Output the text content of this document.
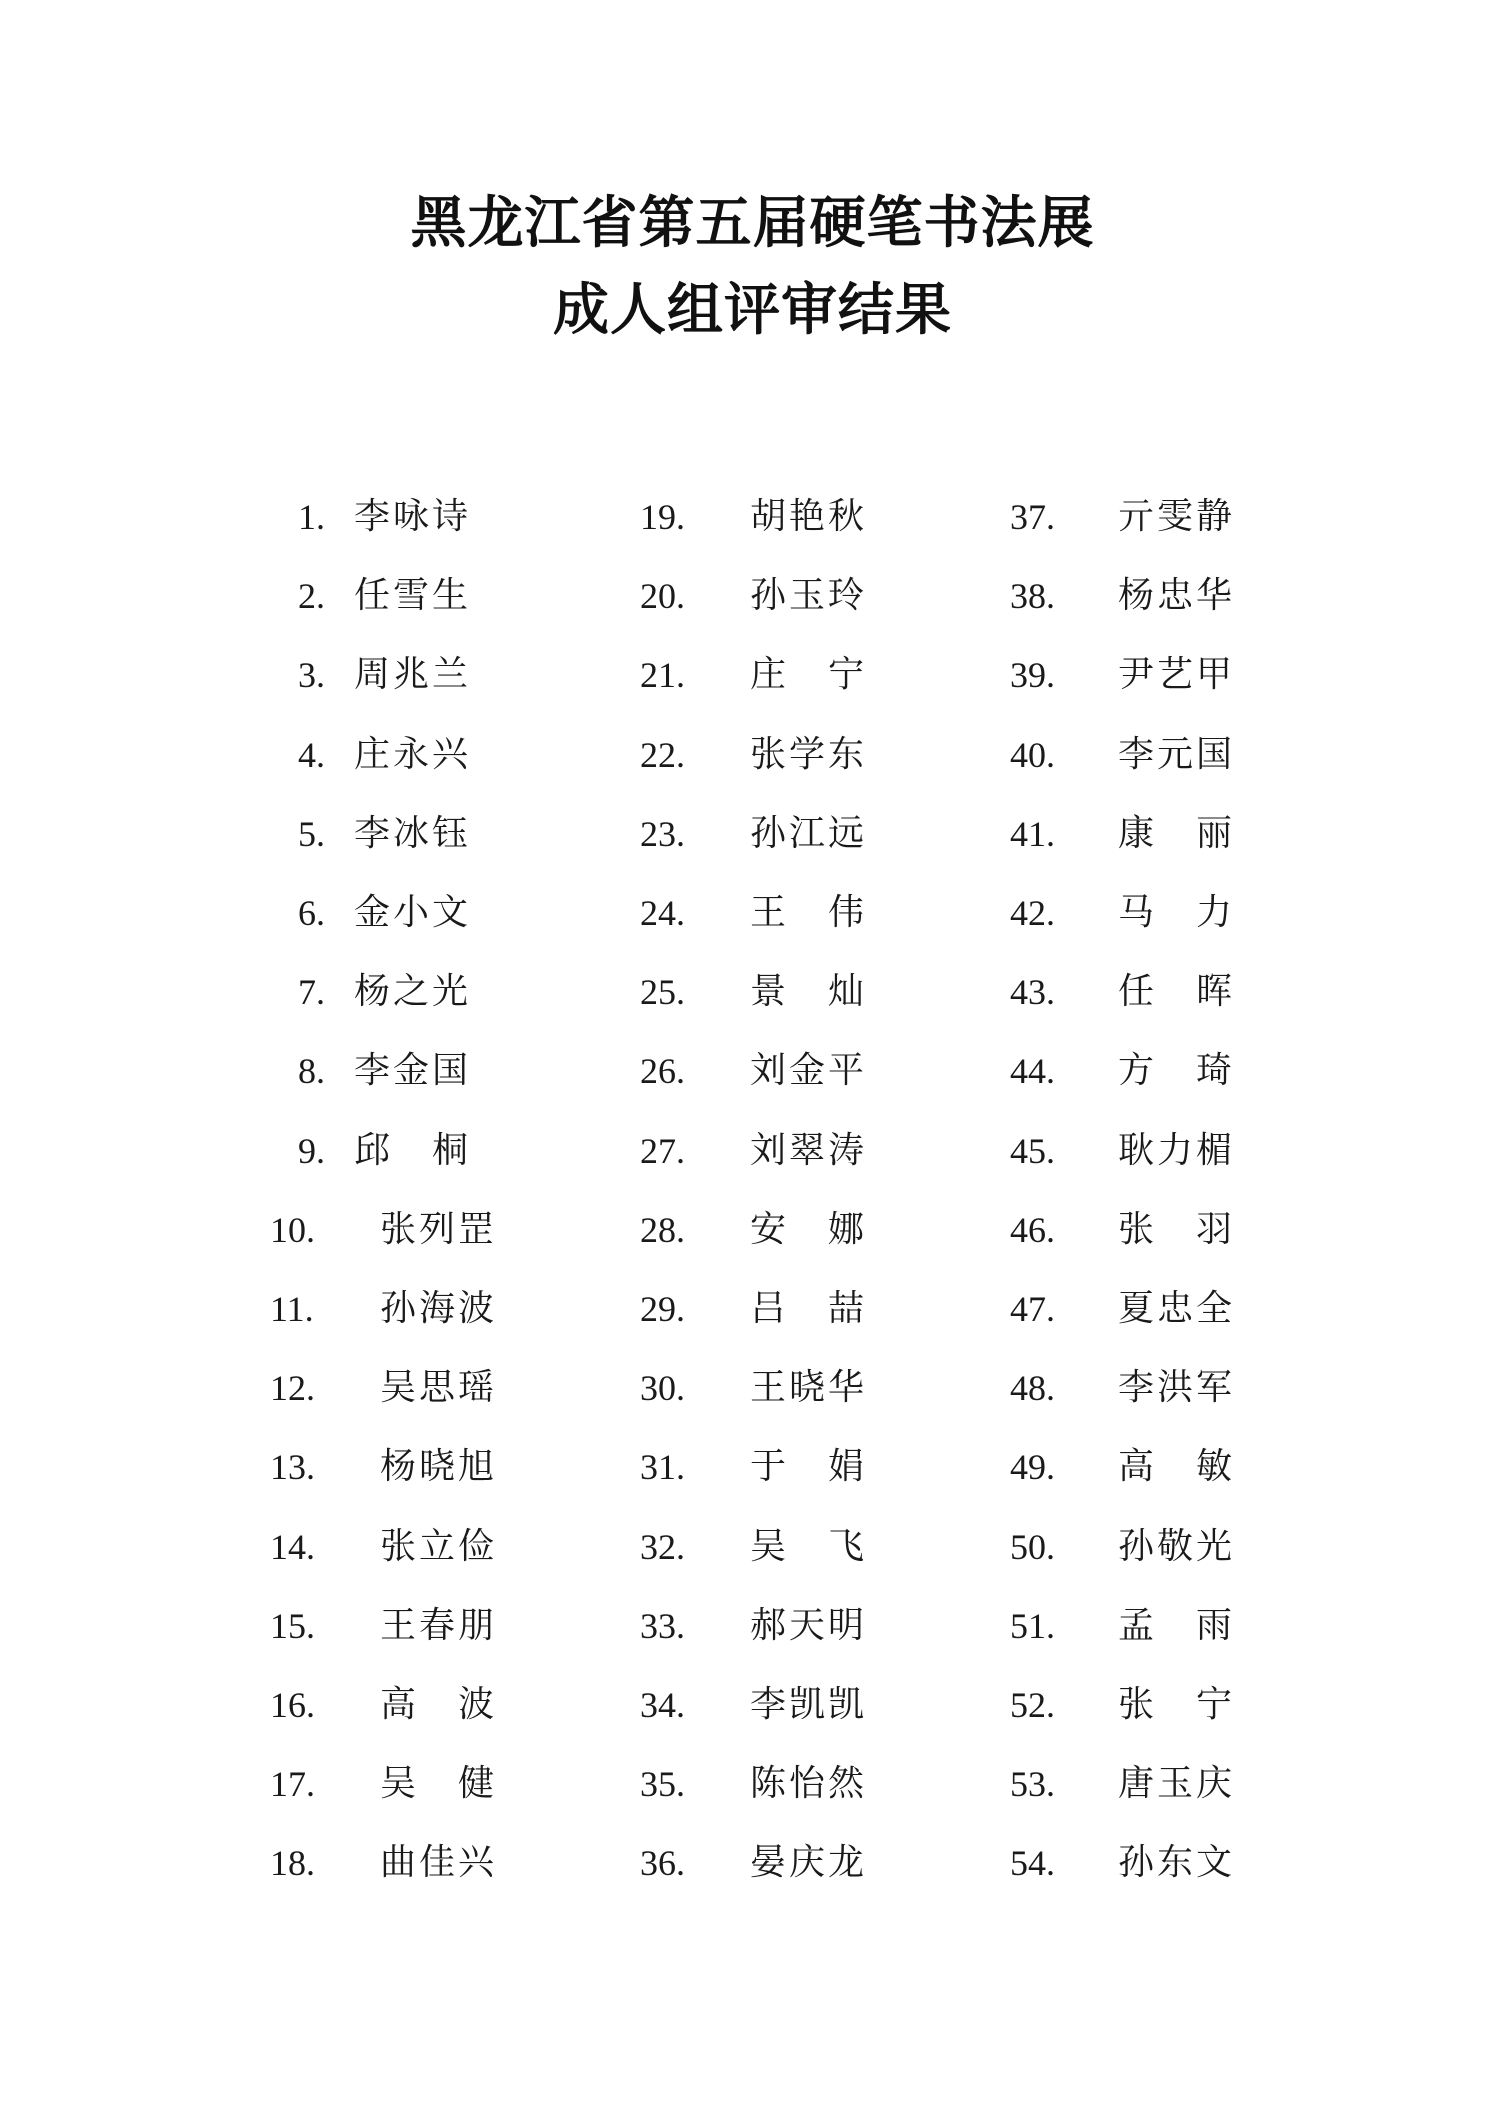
黑龙江省第五届硬笔书法展
成人组评审结果
1. 李咏诗
2. 任雪生
3. 周兆兰
4. 庄永兴
5. 李冰钰
6. 金小文
7. 杨之光
8. 李金国
9. 邱 桐
10. 张列罡
11. 孙海波
12. 吴思瑶
13. 杨晓旭
14. 张立俭
15. 王春朋
16. 高 波
17. 吴 健
18. 曲佳兴
19. 胡艳秋
20. 孙玉玲
21. 庄 宁
22. 张学东
23. 孙江远
24. 王 伟
25. 景 灿
26. 刘金平
27. 刘翠涛
28. 安 娜
29. 吕 喆
30. 王晓华
31. 于 娟
32. 吴 飞
33. 郝天明
34. 李凯凯
35. 陈怡然
36. 晏庆龙
37. 亓雯静
38. 杨忠华
39. 尹艺甲
40. 李元国
41. 康 丽
42. 马 力
43. 任 晖
44. 方 琦
45. 耿力楣
46. 张 羽
47. 夏忠全
48. 李洪军
49. 高 敏
50. 孙敬光
51. 孟 雨
52. 张 宁
53. 唐玉庆
54. 孙东文
